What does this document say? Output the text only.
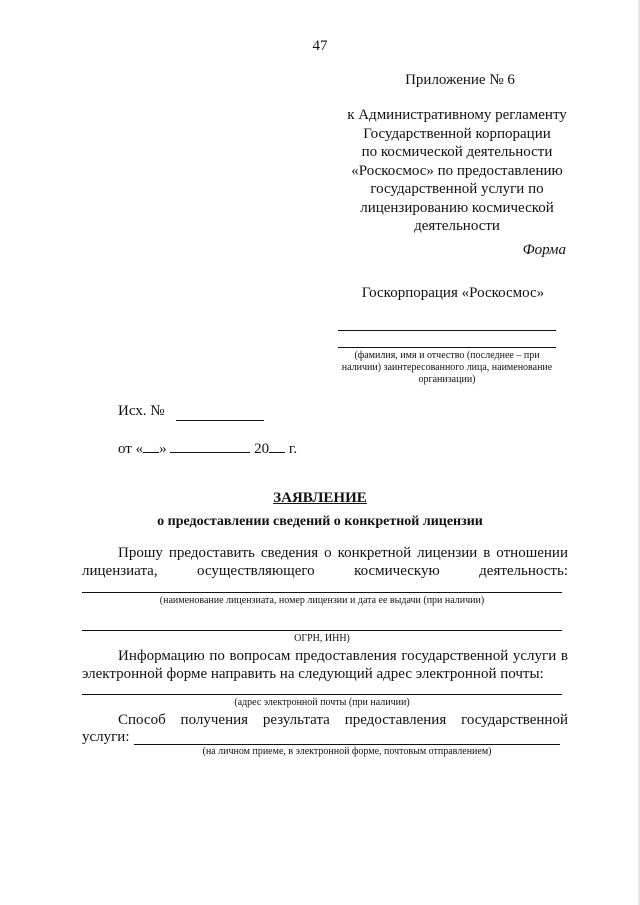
47
Приложение № 6
к Административному регламенту
Государственной корпорации
по космической деятельности
«Роскосмос» по предоставлению
государственной услуги по
лицензированию космической
деятельности
Форма
Госкорпорация «Роскосмос»
(фамилия, имя и отчество (последнее – при наличии) заинтересованного лица, наименование организации)
Исх. №
от « »	20 г.
ЗАЯВЛЕНИЕ
о предоставлении сведений о конкретной лицензии
Прошу предоставить сведения о конкретной лицензии в отношении лицензиата, осуществляющего космическую деятельность:
(наименование лицензиата, номер лицензии и дата ее выдачи (при наличии)
ОГРН, ИНН)
Информацию по вопросам предоставления государственной услуги в электронной форме направить на следующий адрес электронной почты:
(адрес электронной почты (при наличии)
Способ получения результата предоставления государственной
услуги:
(на личном приеме, в электронной форме, почтовым отправлением)
